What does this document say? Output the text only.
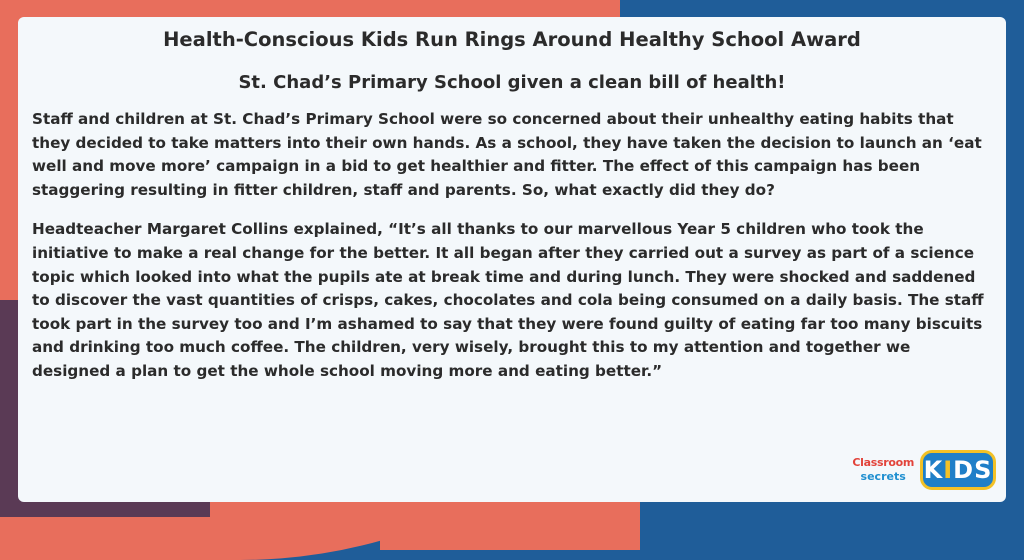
Health-Conscious Kids Run Rings Around Healthy School Award
St. Chad’s Primary School given a clean bill of health!

Staff and children at St. Chad’s Primary School were so concerned about their unhealthy eating habits that they decided to take matters into their own hands. As a school, they have taken the decision to launch an ‘eat well and move more’ campaign in a bid to get healthier and fitter. The effect of this campaign has been staggering resulting in fitter children, staff and parents. So, what exactly did they do?

Headteacher Margaret Collins explained, “It’s all thanks to our marvellous Year 5 children who took the initiative to make a real change for the better. It all began after they carried out a survey as part of a science topic which looked into what the pupils ate at break time and during lunch. They were shocked and saddened to discover the vast quantities of crisps, cakes, chocolates and cola being consumed on a daily basis. The staff took part in the survey too and I’m ashamed to say that they were found guilty of eating far too many biscuits and drinking too much coffee. The children, very wisely, brought this to my attention and together we designed a plan to get the whole school moving more and eating better.”

Classroom
secrets K I D S
